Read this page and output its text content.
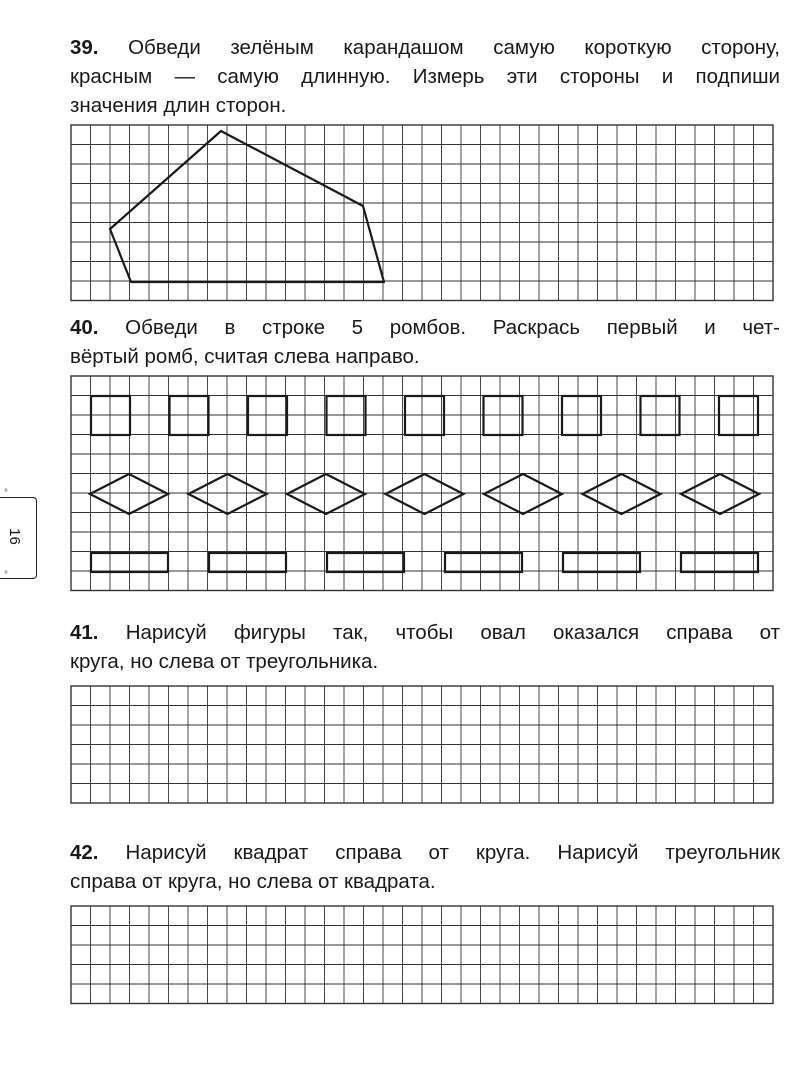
39. Обведи зелёным карандашом самую короткую сторону,
красным — самую длинную. Измерь эти стороны и подпиши
значения длин сторон.
40. Обведи в строке 5 ромбов. Раскрась первый и чет-
вёртый ромб, считая слева направо.
16
°
°
41. Нарисуй фигуры так, чтобы овал оказался справа от
круга, но слева от треугольника.
42. Нарисуй квадрат справа от круга. Нарисуй треугольник
справа от круга, но слева от квадрата.
